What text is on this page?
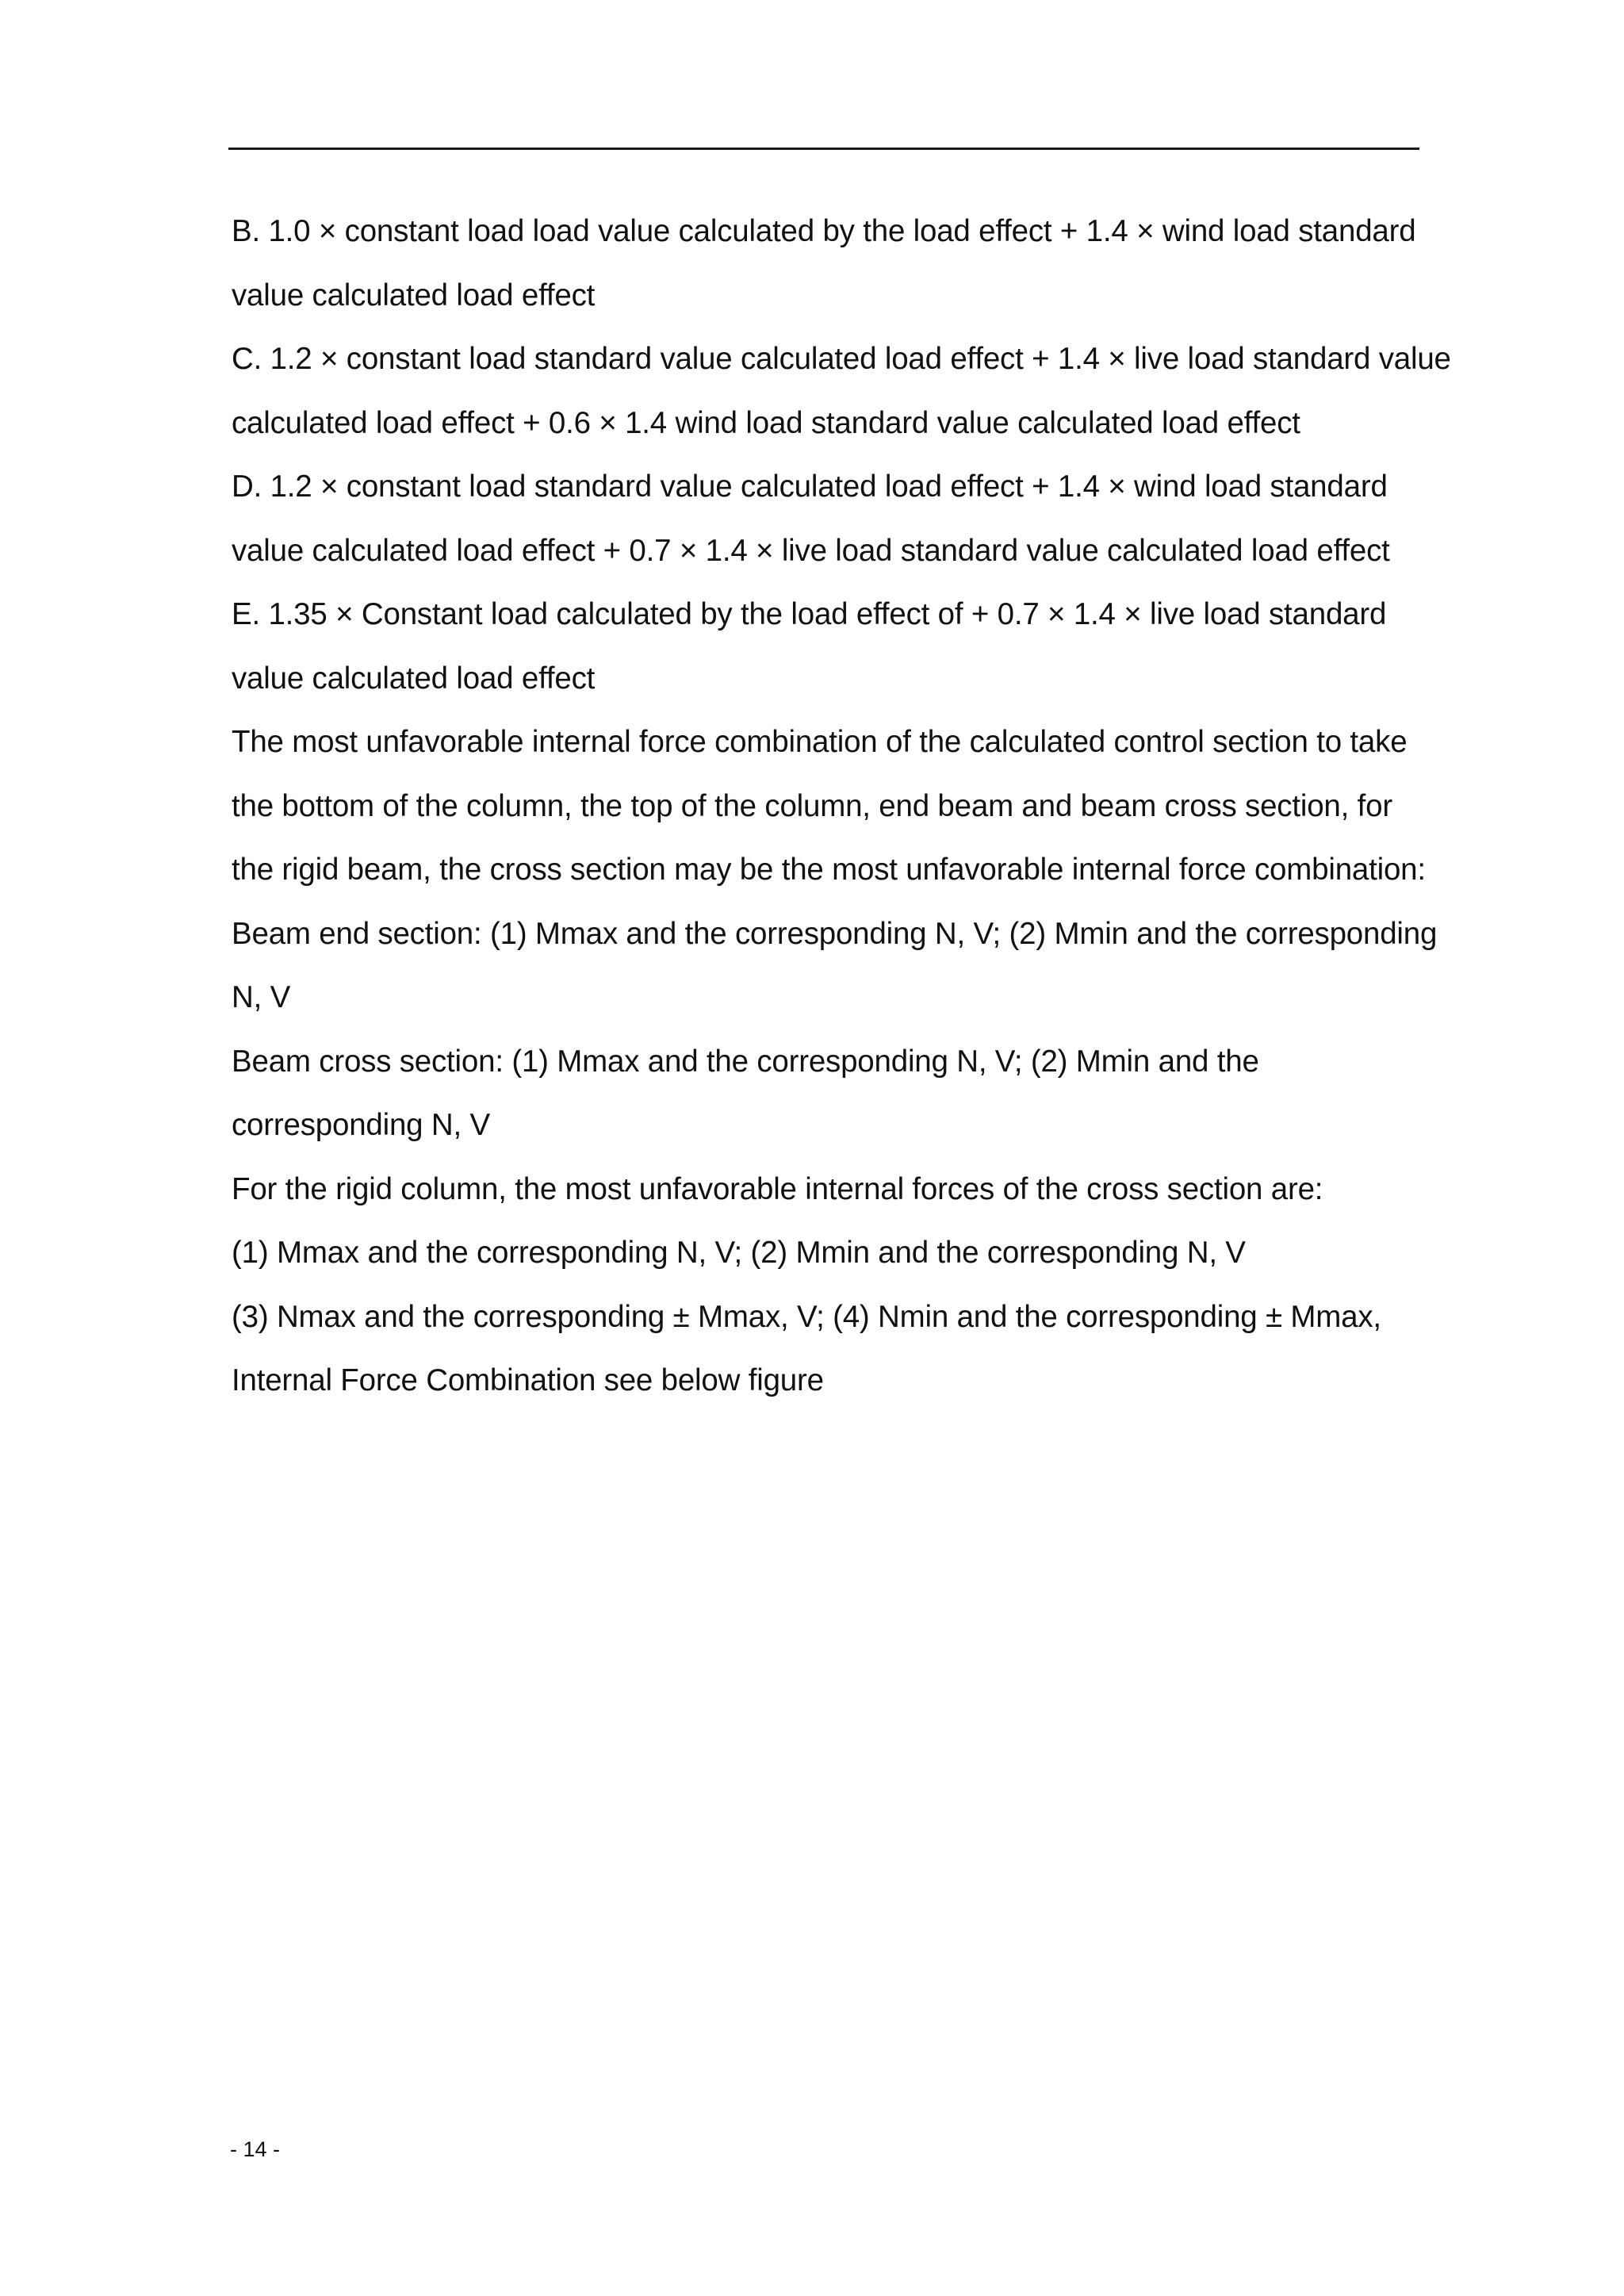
B. 1.0 × constant load load value calculated by the load effect + 1.4 × wind load standard
value calculated load effect
C. 1.2 × constant load standard value calculated load effect + 1.4 × live load standard value
calculated load effect + 0.6 × 1.4 wind load standard value calculated load effect
D. 1.2 × constant load standard value calculated load effect + 1.4 × wind load standard
value calculated load effect + 0.7 × 1.4 × live load standard value calculated load effect
E. 1.35 × Constant load calculated by the load effect of + 0.7 × 1.4 × live load standard
value calculated load effect
The most unfavorable internal force combination of the calculated control section to take
the bottom of the column, the top of the column, end beam and beam cross section, for
the rigid beam, the cross section may be the most unfavorable internal force combination:
Beam end section: (1) Mmax and the corresponding N, V; (2) Mmin and the corresponding
N, V
Beam cross section: (1) Mmax and the corresponding N, V; (2) Mmin and the
corresponding N, V
For the rigid column, the most unfavorable internal forces of the cross section are:
(1) Mmax and the corresponding N, V; (2) Mmin and the corresponding N, V
(3) Nmax and the corresponding ± Mmax, V; (4) Nmin and the corresponding ± Mmax,
Internal Force Combination see below figure
- 14 -
